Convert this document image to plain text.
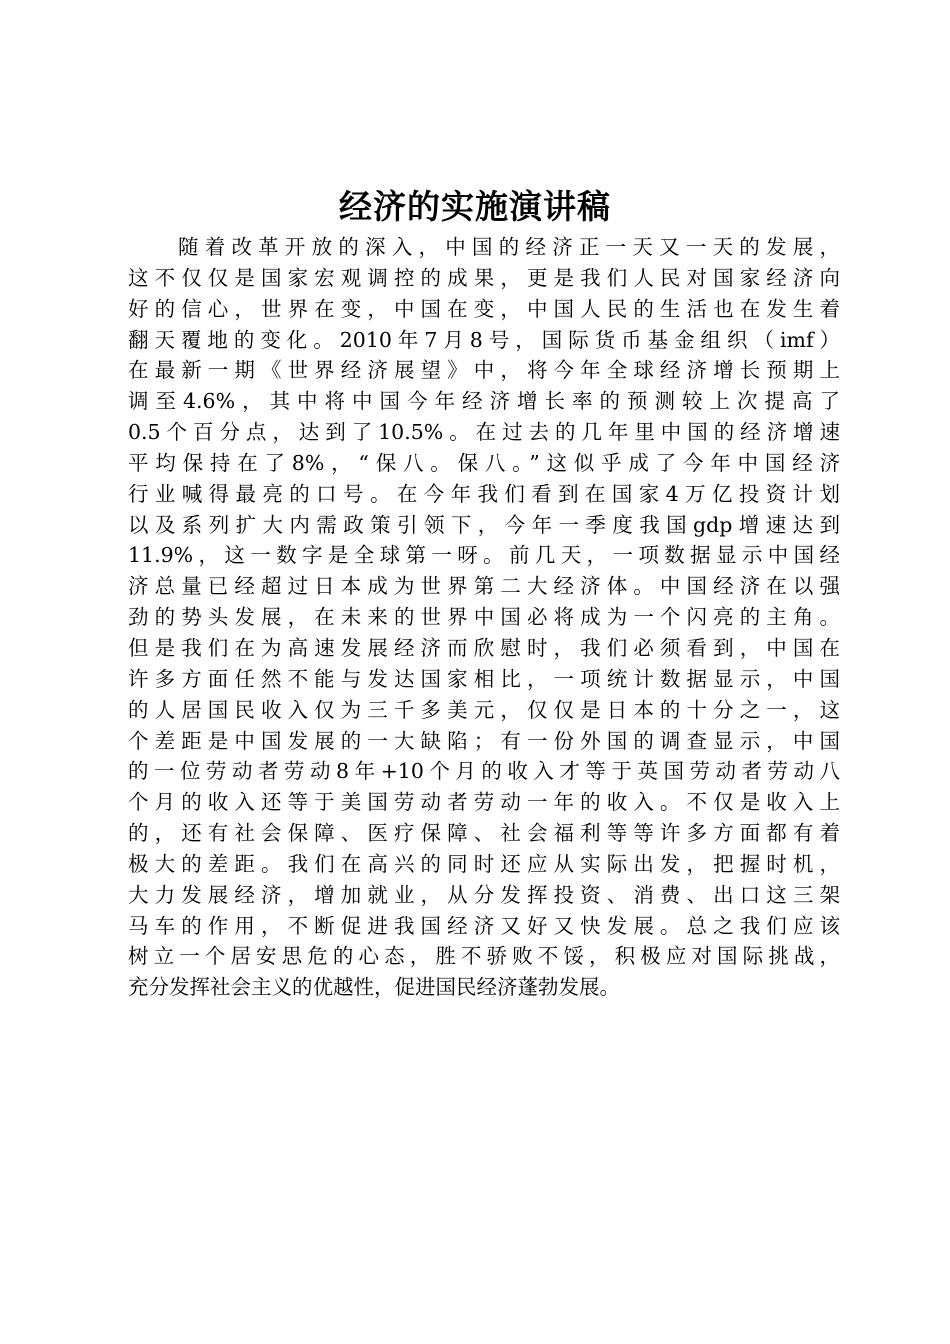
经济的实施演讲稿
随着改革开放的深入，中国的经济正一天又一天的发展，
这不仅仅是国家宏观调控的成果，更是我们人民对国家经济向
好的信心，世界在变，中国在变，中国人民的生活也在发生着
翻天覆地的变化。2010年7月8号，国际货币基金组织（imf）
在最新一期《世界经济展望》中，将今年全球经济增长预期上
调至4.6%，其中将中国今年经济增长率的预测较上次提高了
0.5个百分点，达到了10.5%。在过去的几年里中国的经济增速
平均保持在了8%，“保八。保八。”这似乎成了今年中国经济
行业喊得最亮的口号。在今年我们看到在国家4万亿投资计划
以及系列扩大内需政策引领下，今年一季度我国gdp增速达到
11.9%，这一数字是全球第一呀。前几天，一项数据显示中国经
济总量已经超过日本成为世界第二大经济体。中国经济在以强
劲的势头发展，在未来的世界中国必将成为一个闪亮的主角。
但是我们在为高速发展经济而欣慰时，我们必须看到，中国在
许多方面任然不能与发达国家相比，一项统计数据显示，中国
的人居国民收入仅为三千多美元，仅仅是日本的十分之一，这
个差距是中国发展的一大缺陷；有一份外国的调查显示，中国
的一位劳动者劳动8年+10个月的收入才等于英国劳动者劳动八
个月的收入还等于美国劳动者劳动一年的收入。不仅是收入上
的，还有社会保障、医疗保障、社会福利等等许多方面都有着
极大的差距。我们在高兴的同时还应从实际出发，把握时机，
大力发展经济，增加就业，从分发挥投资、消费、出口这三架
马车的作用，不断促进我国经济又好又快发展。总之我们应该
树立一个居安思危的心态，胜不骄败不馁，积极应对国际挑战，
充分发挥社会主义的优越性，促进国民经济蓬勃发展。
